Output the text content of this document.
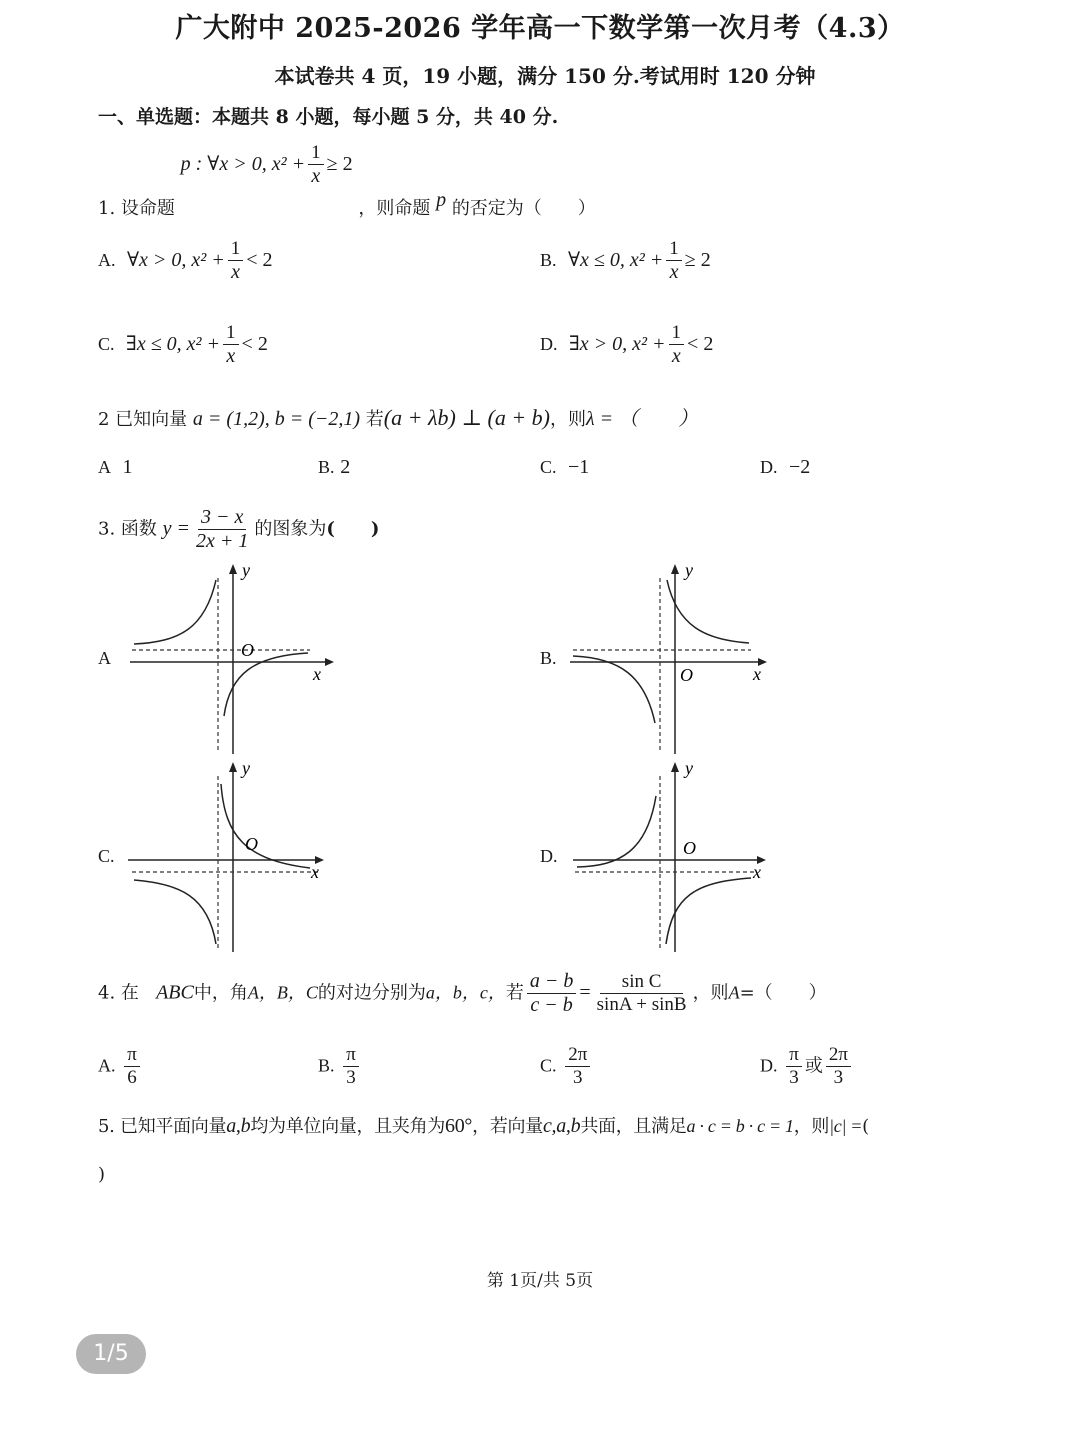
广大附中 2025-2026 学年高一下数学第一次月考（4.3）
本试卷共 4 页，19 小题，满分 150 分.考试用时 120 分钟
一、单选题：本题共 8 小题，每小题 5 分，共 40 分.
1. 设命题 p : ∀x > 0, $x^2 + \frac{1}{x} \ge 2$ ，则命题 p 的否定为（　　）
A. ∀x > 0, $x^2 + \frac{1}{x} < 2$	B. ∀x ≤ 0, $x^2 + \frac{1}{x} \ge 2$
C. ∃x ≤ 0, $x^2 + \frac{1}{x} < 2$	D. ∃x > 0, $x^2 + \frac{1}{x} < 2$
2 已知向量 a = (1,2), b = (−2,1) 若(a + λb) ⊥ (a + b)，则λ = （　　）
A 1	B. 2	C. −1	D. −2
3. 函数 $y = \frac{3 - x}{2x + 1}$ 的图象为(　　)
A
y
x
O	B.
y
x
O
C.
y
x
O
D.
y
x
O
4. 在 ABC中，角A，B，C的对边分别为a，b，c，若 $\frac{a - b}{c - b} = \frac{\text{sin C}}{\sin A + \sin B}$ ，则A=（　　）
A. $\frac{\pi}{6}$	B. $\frac{\pi}{3}$	C. $\frac{2\pi}{3}$	D. $\frac{\pi}{3}$ 或 $\frac{2\pi}{3}$
5. 已知平面向量a,b均为单位向量，且夹角为60°，若向量c,a,b共面，且满足a · c = b · c = 1，则|c| =(
)
第 1页/共 5页
1/5
